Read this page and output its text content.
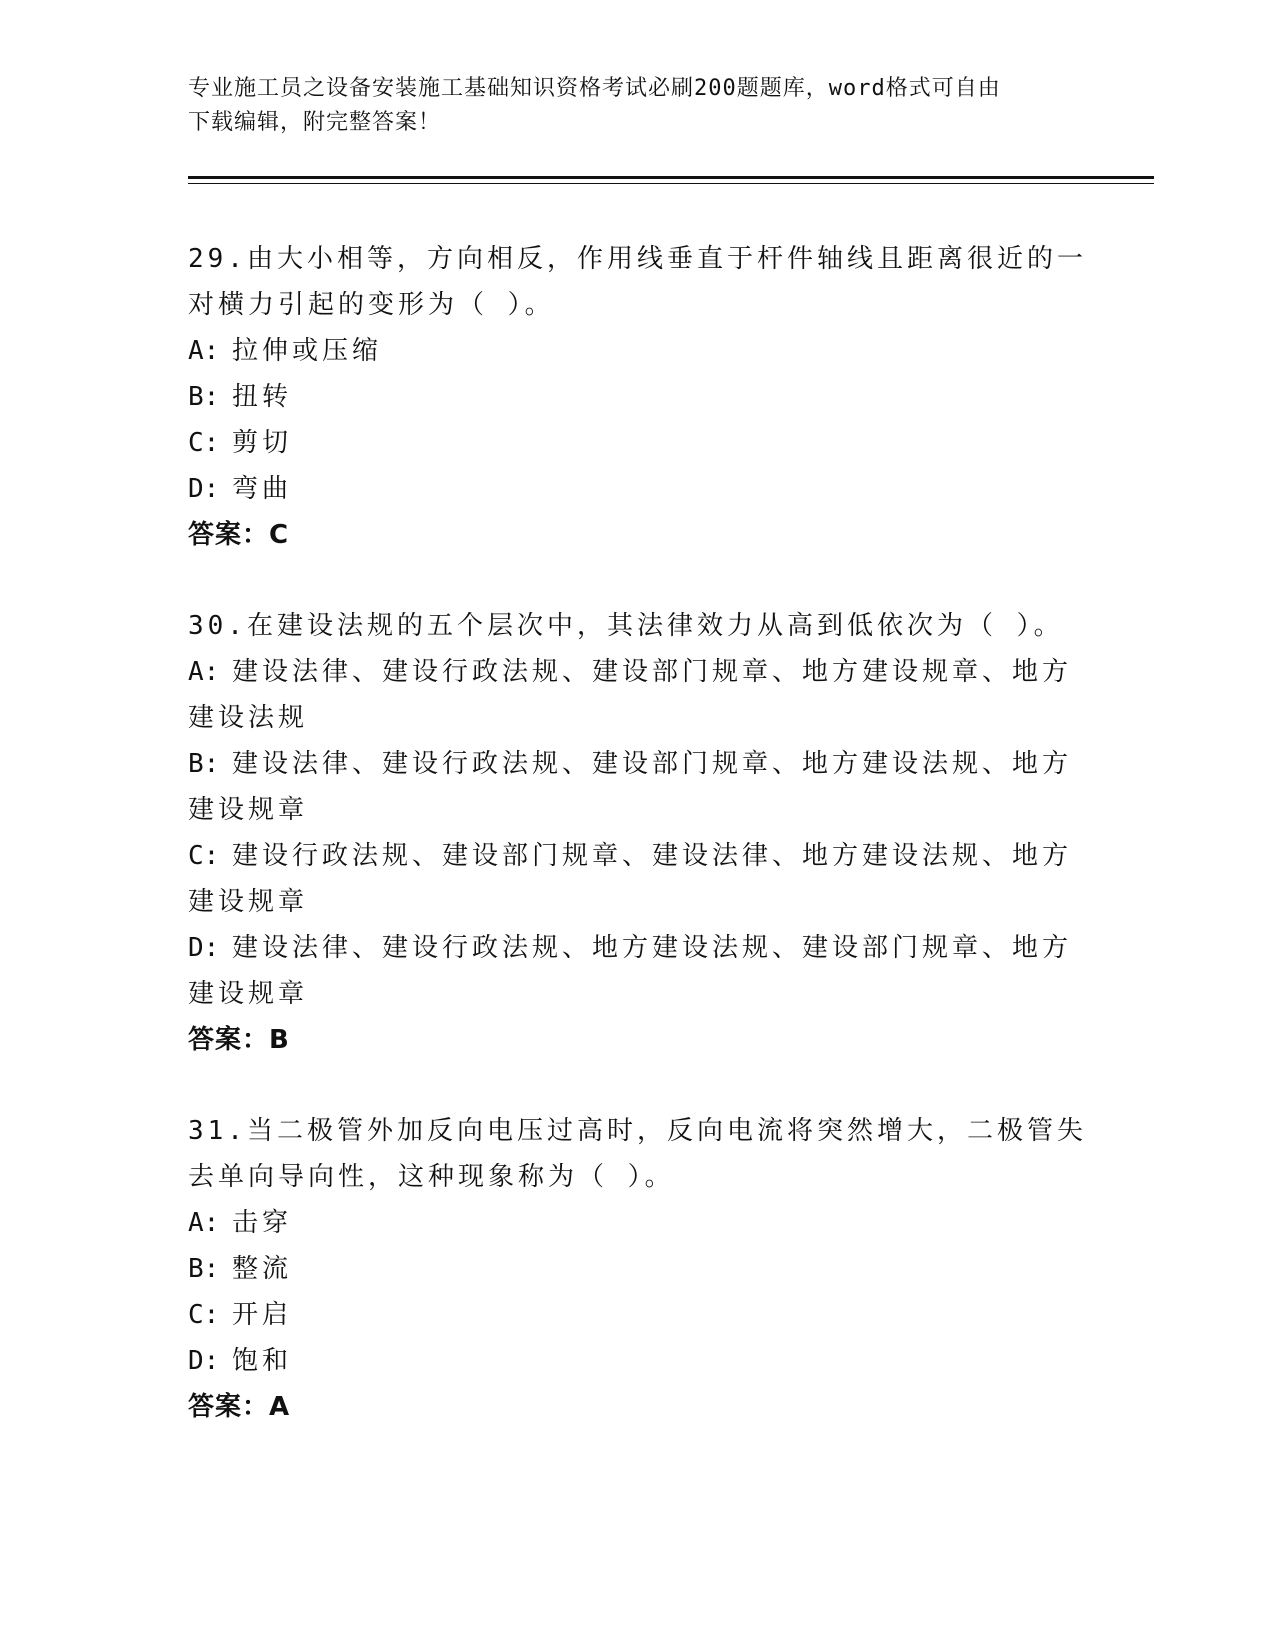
专业施工员之设备安装施工基础知识资格考试必刷200题题库，word格式可自由
下载编辑，附完整答案！
29.由大小相等，方向相反，作用线垂直于杆件轴线且距离很近的一对横力引起的变形为（ ）。
A: 拉伸或压缩
B: 扭转
C: 剪切
D: 弯曲
答案：C
30.在建设法规的五个层次中，其法律效力从高到低依次为（ ）。
A: 建设法律、建设行政法规、建设部门规章、地方建设规章、地方建设法规
B: 建设法律、建设行政法规、建设部门规章、地方建设法规、地方建设规章
C: 建设行政法规、建设部门规章、建设法律、地方建设法规、地方建设规章
D: 建设法律、建设行政法规、地方建设法规、建设部门规章、地方建设规章
答案：B
31.当二极管外加反向电压过高时，反向电流将突然增大，二极管失去单向导向性，这种现象称为（ ）。
A: 击穿
B: 整流
C: 开启
D: 饱和
答案：A
